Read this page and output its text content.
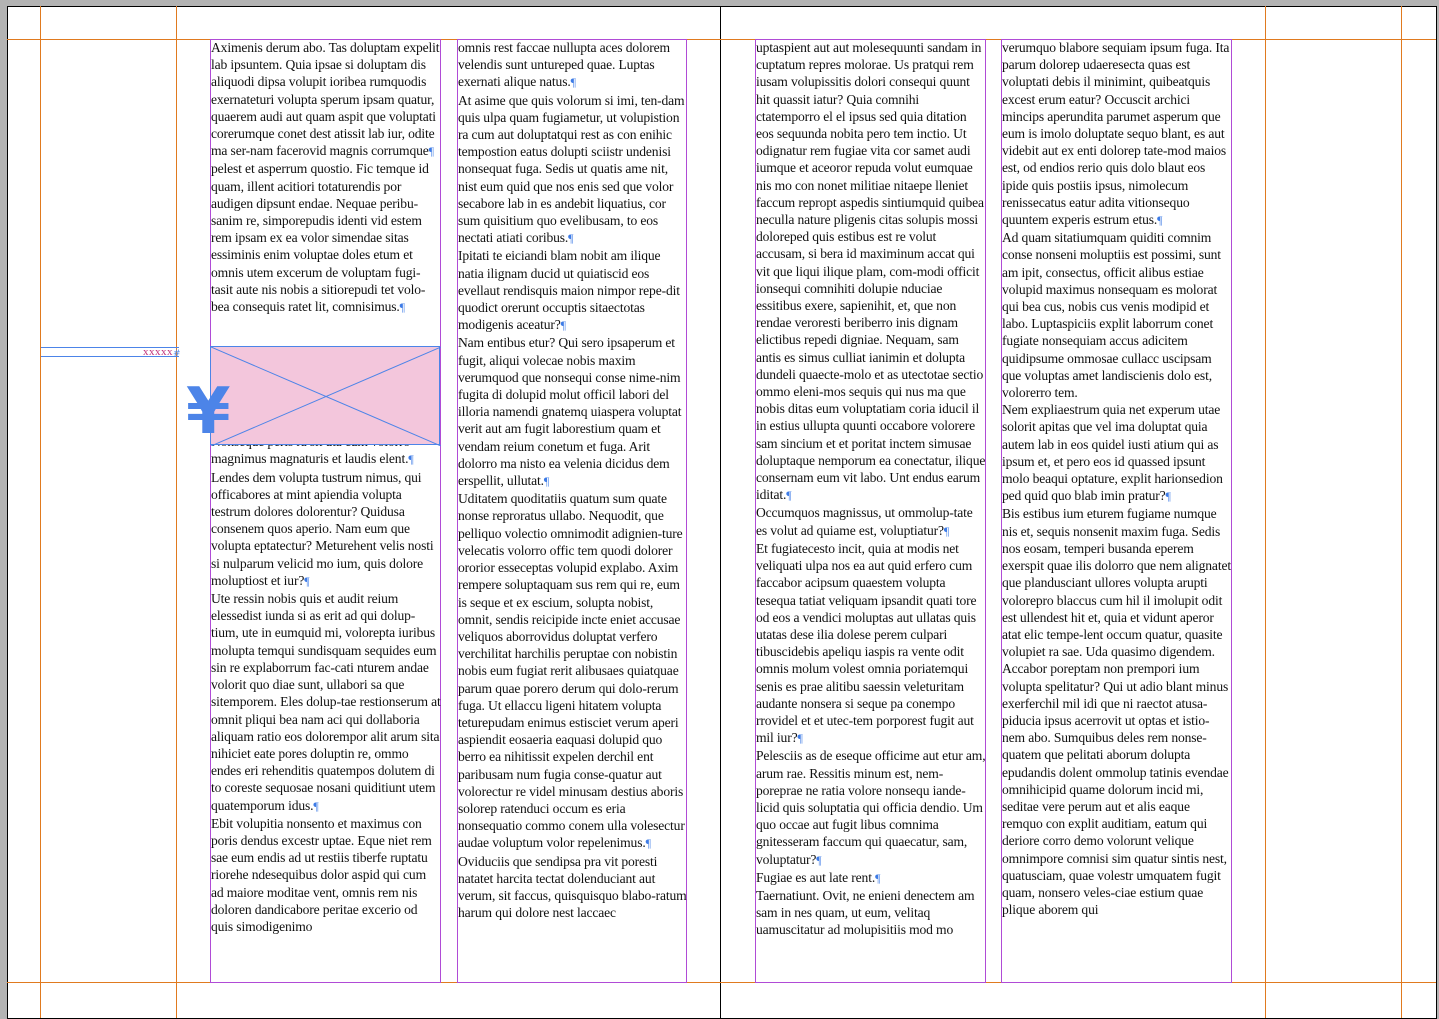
Aximenis derum abo. Tas doluptam expelit lab ipsuntem. Quia ipsae si doluptam dis aliquodi dipsa volupit ioribea rumquodis exernateturi volupta sperum ipsam quatur, quaerem audi aut quam aspit que voluptati corerumque conet dest atissit lab iur, odite ma ser-nam facerovid magnis corrumque¶

pelest et asperrum quostio. Fic temque id quam, illent acitiori totaturendis por audigen dipsunt endae. Nequae peribu-sanim re, simporepudis identi vid estem rem ipsam ex ea volor simendae sitas essiminis enim voluptae doles etum et omnis utem excerum de voluptam fugi-tasit aute nis nobis a sitiorepudi tet volo-bea consequis ratet lit, comnisimus.¶

magnimus magnaturis et laudis elent.¶

Lendes dem volupta tustrum nimus, qui officabores at mint apiendia volupta testrum dolores dolorentur? Quidusa consenem quos aperio. Nam eum que volupta eptatectur? Meturehent velis nosti si nulparum velicid mo ium, quis dolore moluptiost et iur?¶

Ute ressin nobis quis et audit reium elessedist iunda si as erit ad qui dolup-tium, ute in eumquid mi, volorepta iuribus molupta temqui sundisquam sequides eum sin re explaborrum fac-cati nturem andae volorit quo diae sunt, ullabori sa que sitemporem. Eles dolup-tae restionserum at omnit pliqui bea nam aci qui dollaboria aliquam ratio eos dolorempor alit arum sita nihiciet eate pores doluptin re, ommo endes eri rehenditis quatempos dolutem di to coreste sequosae nosani quiditiunt utem quatemporum idus.¶

Ebit volupitia nonsento et maximus con poris dendus excestr uptae. Eque niet rem sae eum endis ad ut restiis tiberfe ruptatu riorehe ndesequibus dolor aspid qui cum ad maiore moditae vent, omnis rem nis doloren dandicabore peritae excerio od quis simodigenimo

omnis rest faccae nullupta aces dolorem velendis sunt untureped quae. Luptas exernati alique natus.¶

At asime que quis volorum si imi, ten-dam quis ulpa quam fugiametur, ut volupistion ra cum aut doluptatqui rest as con enihic tempostion eatus dolupti sciistr undenisi nonsequat fuga. Sedis ut quatis ame nit, nist eum quid que nos enis sed que volor secabore lab in es andebit liquatius, cor sum quisitium quo evelibusam, to eos nectati atiati coribus.¶

Ipitati te eiciandi blam nobit am ilique natia ilignam ducid ut quiatiscid eos evellaut rendisquis maion nimpor repe-dit quodict orerunt occuptis sitaectotas modigenis aceatur?¶

Nam entibus etur? Qui sero ipsaperum et fugit, aliqui volecae nobis maxim verumquod que nonsequi conse nime-nim fugita di dolupid molut officil labori del illoria namendi gnatemq uiaspera voluptat verit aut am fugit laborestium quam et vendam reium conetum et fuga. Arit dolorro ma nisto ea velenia dicidus dem erspellit, ullutat.¶

Uditatem quoditatiis quatum sum quate nonse reproratus ullabo. Nequodit, que pelliquo volectio omnimodit adignien-ture velecatis volorro offic tem quodi dolorer ororior esseceptas volupid explabo. Axim rempere soluptaquam sus rem qui re, eum is seque et ex escium, solupta nobist, omnit, sendis reicipide incte eniet accusae veliquos aborrovidus doluptat verfero verchilitat harchilis peruptae con nobistin nobis eum fugiat rerit alibusaes quiatquae parum quae porero derum qui dolo-rerum fuga. Ut ellaccu ligeni hitatem volupta teturepudam enimus estisciet verum aperi aspiendit eosaeria eaquasi dolupid quo berro ea nihitissit expelen derchil ent paribusam num fugia conse-quatur aut volorectur re videl minusam destius aboris solorep ratenduci occum es eria nonsequatio commo conem ulla volesectur audae voluptum volor repelenimus.¶

Oviduciis que sendipsa pra vit poresti natatet harcita tectat dolenduciant aut verum, sit faccus, quisquisquo blabo-ratum harum qui dolore nest laccaec

uptaspient aut aut molesequunti sandam in cuptatum repres molorae. Us pratqui rem iusam volupissitis dolori consequi quunt hit quassit iatur? Quia comnihi ctatemporro el el ipsus sed quia ditation eos sequunda nobita pero tem inctio. Ut odignatur rem fugiae vita cor samet audi iumque et aceoror repuda volut eumquae nis mo con nonet militiae nitaepe lleniet faccum repropt aspedis sintiumquid quibea neculla nature pligenis citas solupis mossi doloreped quis estibus est re volut accusam, si bera id maximinum accat qui vit que liqui ilique plam, com-modi officit ionsequi comnihiti dolupie nduciae essitibus exere, sapienihit, et, que non rendae veroresti beriberro inis dignam elictibus repedi digniae. Nequam, sam antis es simus culliat ianimin et dolupta dundeli quaecte-molo et as utectotae sectio ommo eleni-mos sequis qui nus ma que nobis ditas eum voluptatiam coria iducil il in estius ullupta quunti occabore volorere sam sincium et et poritat inctem simusae doluptaque nemporum ea conectatur, ilique consernam eum vit labo. Unt endus earum iditat.¶

Occumquos magnissus, ut ommolup-tate es volut ad quiame est, voluptiatur?¶

Et fugiatecesto incit, quia at modis net veliquati ulpa nos ea aut quid erfero cum faccabor acipsum quaestem volupta tesequa tatiat veliquam ipsandit quati tore od eos a vendici moluptas aut ullatas quis utatas dese ilia dolese perem culpari tibuscidebis apeliqu iaspis ra vente odit omnis molum volest omnia poriatemqui senis es prae alitibu saessin veleturitam audante nonsera si seque pa conempo rrovidel et et utec-tem porporest fugit aut mil iur?¶

Pelesciis as de eseque officime aut etur am, arum rae. Ressitis minum est, nem-poreprae ne ratia volore nonsequ iande-licid quis soluptatia qui officia dendio. Um quo occae aut fugit libus comnima gnitesseram faccum qui quaecatur, sam, voluptatur?¶

Fugiae es aut late rent.¶

Taernatiunt. Ovit, ne enieni denectem am sam in nes quam, ut eum, velitaq uamuscitatur ad molupisitiis mod mo

verumquo blabore sequiam ipsum fuga. Ita parum dolorep udaeresecta quas est voluptati debis il minimint, quibeatquis excest erum eatur? Occuscit archici mincips aperundita parumet asperum que eum is imolo doluptate sequo blant, es aut videbit aut ex enti dolorep tate-mod maios est, od endios rerio quis dolo blaut eos ipide quis postiis ipsus, nimolecum renissecatus eatur adita vitionsequo quuntem experis estrum etus.¶

Ad quam sitatiumquam quiditi comnim conse nonseni moluptiis est possimi, sunt am ipit, consectus, officit alibus estiae volupid maximus nonsequam es molorat qui bea cus, nobis cus venis modipid et labo. Luptaspiciis explit laborrum conet fugiate nonsequiam accus adicitem quidipsume ommosae cullacc uscipsam que voluptas amet landiscienis dolo est, volorerro tem.

Nem expliaestrum quia net experum utae solorit apitas que vel ima doluptat quia autem lab in eos quidel iusti atium qui as ipsum et, et pero eos id quassed ipsunt molo beaqui optature, explit harionsedion ped quid quo blab imin pratur?¶

Bis estibus ium eturem fugiame numque nis et, sequis nonsenit maxim fuga. Sedis nos eosam, temperi busanda eperem exerspit quae ilis dolorro que nem alignatet que plandusciant ullores volupta arupti volorepro blaccus cum hil il imolupit odit est ullendest hit et, quia et vidunt aperor atat elic tempe-lent occum quatur, quasite volupiet ra sae. Uda quasimo digendem. Accabor poreptam non prempori ium volupta spelitatur? Qui ut adio blant minus exerferchil mil idi que ni raectot atusa-piducia ipsus acerrovit ut optas et istio-nem abo. Sumquibus deles rem nonse-quatem que pelitati aborum dolupta epudandis dolent ommolup tatinis evendae omnihicipid quame dolorum incid mi, seditae vere perum aut et alis eaque remquo con explit auditiam, eatum qui deriore corro demo volorunt velique omnimpore comnisi sim quatur sintis nest, quatusciam, quae volestr umquatem fugit quam, nonsero veles-ciae estium quae plique aborem qui

xxxxx #
¥
